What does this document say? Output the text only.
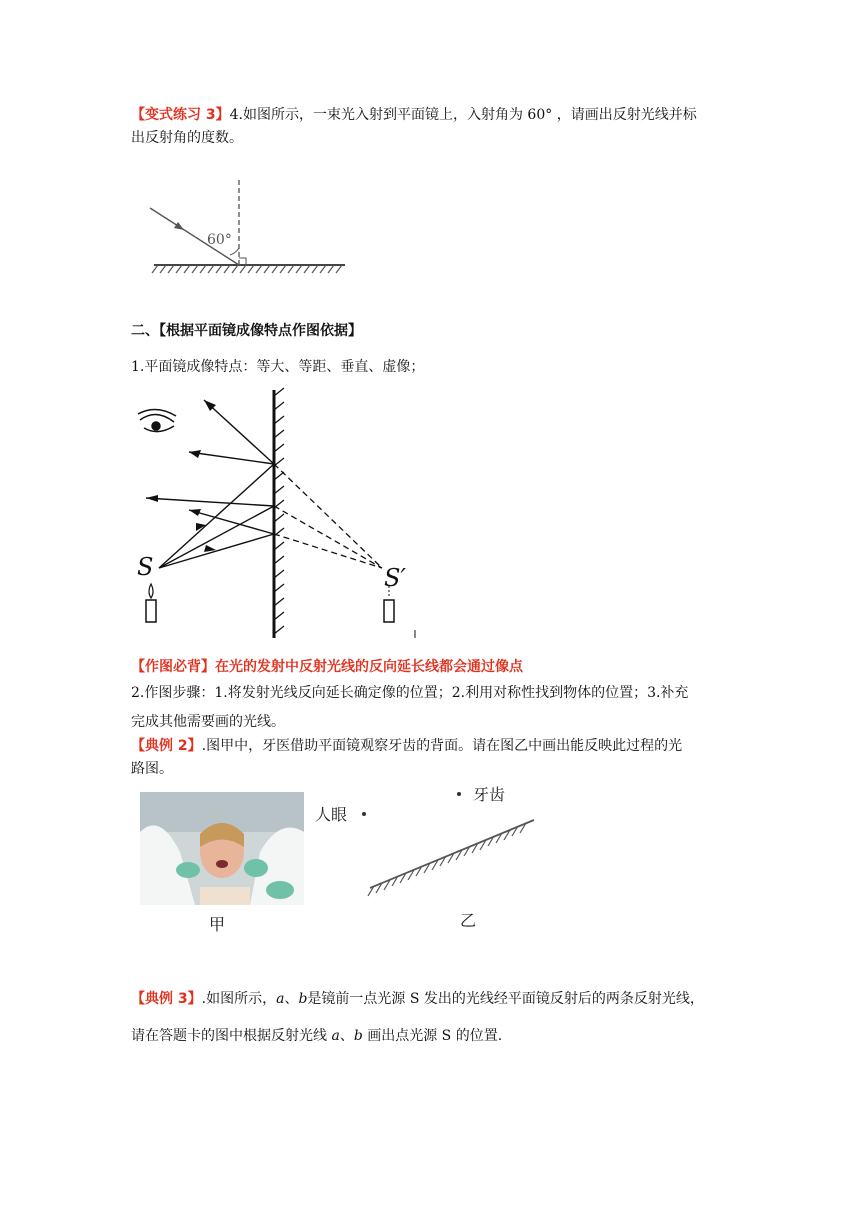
【变式练习 3】4.如图所示，一束光入射到平面镜上，入射角为 60° ，请画出反射光线并标
出反射角的度数。
60°
二、【根据平面镜成像特点作图依据】
1.平面镜成像特点：等大、等距、垂直、虚像；
S	S′
【作图必背】在光的发射中反射光线的反向延长线都会通过像点
2.作图步骤：1.将发射光线反向延长确定像的位置；2.利用对称性找到物体的位置；3.补充
完成其他需要画的光线。
【典例 2】.图甲中，牙医借助平面镜观察牙齿的背面。请在图乙中画出能反映此过程的光
路图。
甲
人眼
牙齿
乙
【典例 3】.如图所示，a、b是镜前一点光源 S 发出的光线经平面镜反射后的两条反射光线，
请在答题卡的图中根据反射光线 a、b 画出点光源 S 的位置.
